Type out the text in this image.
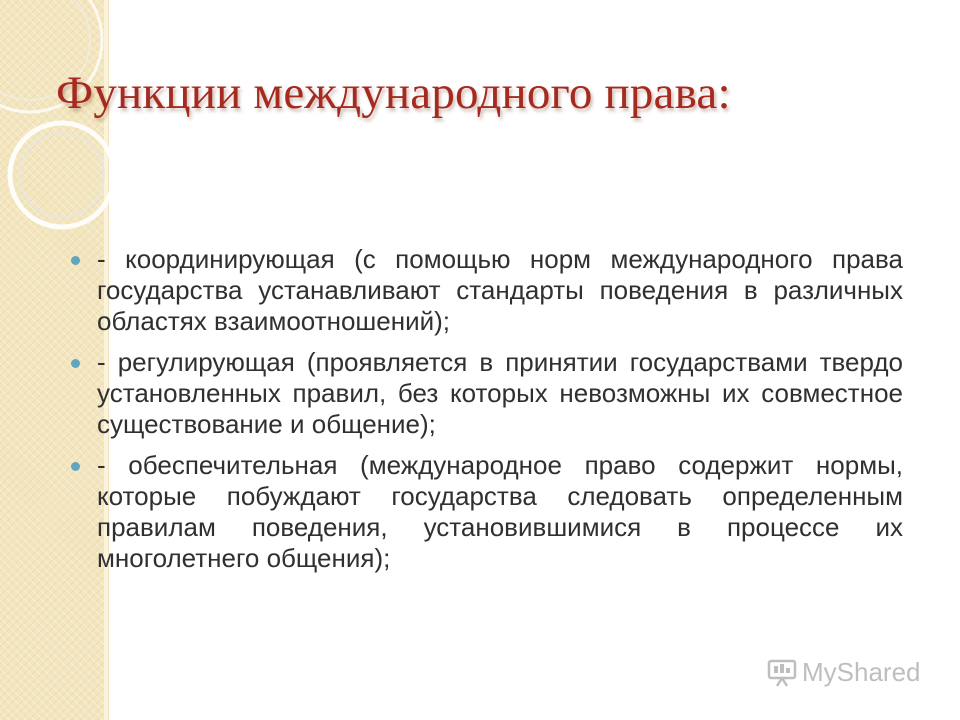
Функции международного права:
- координирующая (с помощью норм международного права государства устанавливают стандарты поведения в различных областях взаимоотношений);
- регулирующая (проявляется в принятии государствами твердо установленных правил, без которых невозможны их совместное существование и общение);
- обеспечительная (международное право содержит нормы, которые побуждают государства следовать определенным правилам поведения, установившимися в процессе их многолетнего общения);
MyShared
